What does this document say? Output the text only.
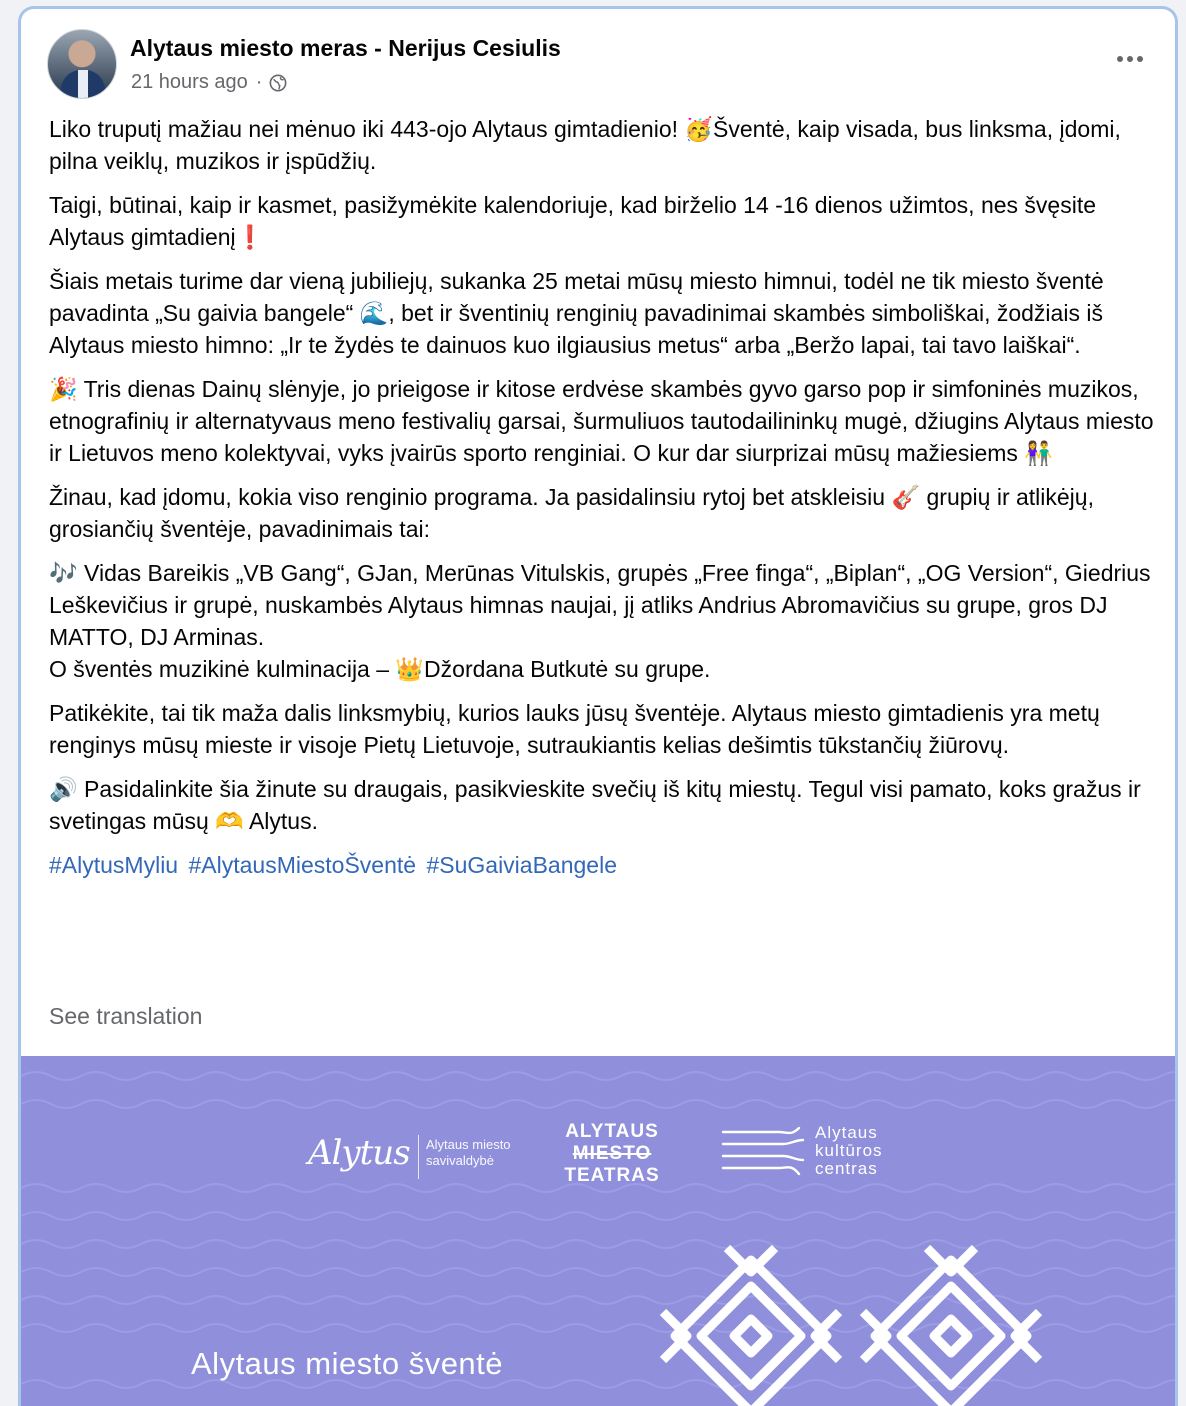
Alytaus miesto meras - Nerijus Cesiulis
21 hours ago ·

Liko truputį mažiau nei mėnuo iki 443-ojo Alytaus gimtadienio! 🥳Šventė, kaip visada, bus linksma, įdomi, pilna veiklų, muzikos ir įspūdžių.

Taigi, būtinai, kaip ir kasmet, pasižymėkite kalendoriuje, kad birželio 14 -16 dienos užimtos, nes švęsite Alytaus gimtadienį❗

Šiais metais turime dar vieną jubiliejų, sukanka 25 metai mūsų miesto himnui, todėl ne tik miesto šventė pavadinta „Su gaivia bangele“ 🌊, bet ir šventinių renginių pavadinimai skambės simboliškai, žodžiais iš Alytaus miesto himno: „Ir te žydės te dainuos kuo ilgiausius metus“ arba „Beržo lapai, tai tavo laiškai“.

🎉 Tris dienas Dainų slėnyje, jo prieigose ir kitose erdvėse skambės gyvo garso pop ir simfoninės muzikos, etnografinių ir alternatyvaus meno festivalių garsai, šurmuliuos tautodailininkų mugė, džiugins Alytaus miesto ir Lietuvos meno kolektyvai, vyks įvairūs sporto renginiai. O kur dar siurprizai mūsų mažiesiems 👫

Žinau, kad įdomu, kokia viso renginio programa. Ja pasidalinsiu rytoj bet atskleisiu 🎸 grupių ir atlikėjų, grosiančių šventėje, pavadinimais tai:

🎶 Vidas Bareikis „VB Gang“, GJan, Merūnas Vitulskis, grupės „Free finga“, „Biplan“, „OG Version“, Giedrius Leškevičius ir grupė, nuskambės Alytaus himnas naujai, jį atliks Andrius Abromavičius su grupe, gros DJ MATTO, DJ Arminas.
O šventės muzikinė kulminacija – 👑Džordana Butkutė su grupe.

Patikėkite, tai tik maža dalis linksmybių, kurios lauks jūsų šventėje. Alytaus miesto gimtadienis yra metų renginys mūsų mieste ir visoje Pietų Lietuvoje, sutraukiantis kelias dešimtis tūkstančių žiūrovų.

🔊 Pasidalinkite šia žinute su draugais, pasikvieskite svečių iš kitų miestų. Tegul visi pamato, koks gražus ir svetingas mūsų 🫶 Alytus.

#AlytusMyliu #AlytausMiestoŠventė #SuGaiviaBangele

See translation
Alytus Alytaus miesto
savivaldybė
ALYTAUS
MIESTO
TEATRAS
Alytaus
kultūros
centras
Alytaus miesto šventė
